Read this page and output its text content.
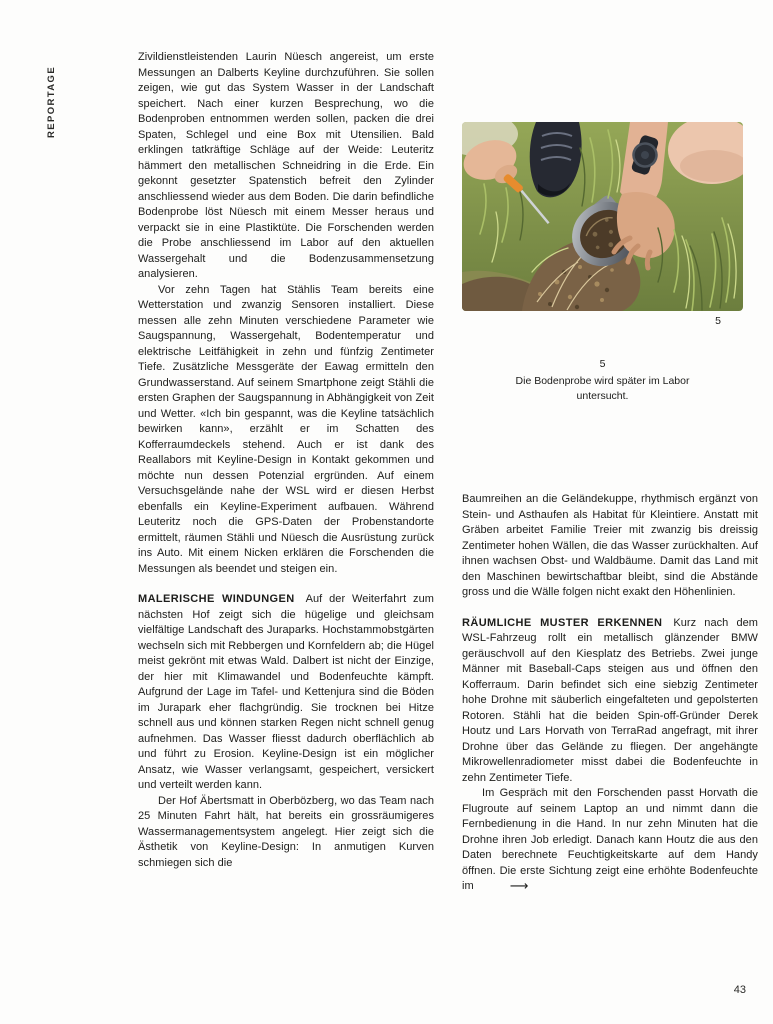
REPORTAGE
5
5
Die Bodenprobe wird später im Labor untersucht.

Zivildienstleistenden Laurin Nüesch angereist, um erste Messungen an Dalberts Keyline durchzuführen. Sie sollen zeigen, wie gut das System Wasser in der Landschaft speichert. Nach einer kurzen Besprechung, wo die Bodenproben entnommen werden sollen, packen die drei Spaten, Schlegel und eine Box mit Utensilien. Bald erklingen tatkräftige Schläge auf der Weide: Leuteritz hämmert den metallischen Schneidring in die Erde. Ein gekonnt gesetzter Spatenstich befreit den Zylinder anschliessend wieder aus dem Boden. Die darin befindliche Bodenprobe löst Nüesch mit einem Messer heraus und verpackt sie in eine Plastiktüte. Die Forschenden werden die Probe anschliessend im Labor auf den aktuellen Wassergehalt und die Bodenzusammensetzung analysieren.

Vor zehn Tagen hat Stählis Team bereits eine Wetterstation und zwanzig Sensoren installiert. Diese messen alle zehn Minuten verschiedene Parameter wie Saugspannung, Wassergehalt, Bodentemperatur und elektrische Leitfähigkeit in zehn und fünfzig Zentimeter Tiefe. Zusätzliche Messgeräte der Eawag ermitteln den Grundwasserstand. Auf seinem Smartphone zeigt Stähli die ersten Graphen der Saugspannung in Abhängigkeit von Zeit und Wetter. «Ich bin gespannt, was die Keyline tatsächlich bewirken kann», erzählt er im Schatten des Kofferraumdeckels stehend. Auch er ist dank des Reallabors mit Keyline-Design in Kontakt gekommen und möchte nun dessen Potenzial ergründen. Auf einem Versuchsgelände nahe der WSL wird er diesen Herbst ebenfalls ein Keyline-Experiment aufbauen. Während Leuteritz noch die GPS-Daten der Probenstandorte ermittelt, räumen Stähli und Nüesch die Ausrüstung zurück ins Auto. Mit einem Nicken erklären die Forschenden die Messungen als beendet und steigen ein.

MALERISCHE WINDUNGEN Auf der Weiterfahrt zum nächsten Hof zeigt sich die hügelige und gleichsam vielfältige Landschaft des Juraparks. Hochstammobstgärten wechseln sich mit Rebbergen und Kornfeldern ab; die Hügel meist gekrönt mit etwas Wald. Dalbert ist nicht der Einzige, der hier mit Klimawandel und Bodenfeuchte kämpft. Aufgrund der Lage im Tafel- und Kettenjura sind die Böden im Jurapark eher flachgründig. Sie trocknen bei Hitze schnell aus und können starken Regen nicht schnell genug aufnehmen. Das Wasser fliesst dadurch oberflächlich ab und führt zu Erosion. Keyline-Design ist ein möglicher Ansatz, wie Wasser verlangsamt, gespeichert, versickert und verteilt werden kann.

Der Hof Äbertsmatt in Oberbözberg, wo das Team nach 25 Minuten Fahrt hält, hat bereits ein grossräumigeres Wassermanagementsystem angelegt. Hier zeigt sich die Ästhetik von Keyline-Design: In anmutigen Kurven schmiegen sich die

Baumreihen an die Geländekuppe, rhythmisch ergänzt von Stein- und Asthaufen als Habitat für Kleintiere. Anstatt mit Gräben arbeitet Familie Treier mit zwanzig bis dreissig Zentimeter hohen Wällen, die das Wasser zurückhalten. Auf ihnen wachsen Obst- und Waldbäume. Damit das Land mit den Maschinen bewirtschaftbar bleibt, sind die Abstände gross und die Wälle folgen nicht exakt den Höhenlinien.

RÄUMLICHE MUSTER ERKENNEN Kurz nach dem WSL-Fahrzeug rollt ein metallisch glänzender BMW geräuschvoll auf den Kiesplatz des Betriebs. Zwei junge Männer mit Baseball-Caps steigen aus und öffnen den Kofferraum. Darin befindet sich eine siebzig Zentimeter hohe Drohne mit säuberlich eingefalteten und gepolsterten Rotoren. Stähli hat die beiden Spin-off-Gründer Derek Houtz und Lars Horvath von TerraRad angefragt, mit ihrer Drohne über das Gelände zu fliegen. Der angehängte Mikrowellenradiometer misst dabei die Bodenfeuchte in zehn Zentimeter Tiefe.

Im Gespräch mit den Forschenden passt Horvath die Flugroute auf seinem Laptop an und nimmt dann die Fernbedienung in die Hand. In nur zehn Minuten hat die Drohne ihren Job erledigt. Danach kann Houtz die aus den Daten berechnete Feuchtigkeitskarte auf dem Handy öffnen. Die erste Sichtung zeigt eine erhöhte Bodenfeuchte im	⟶

43
